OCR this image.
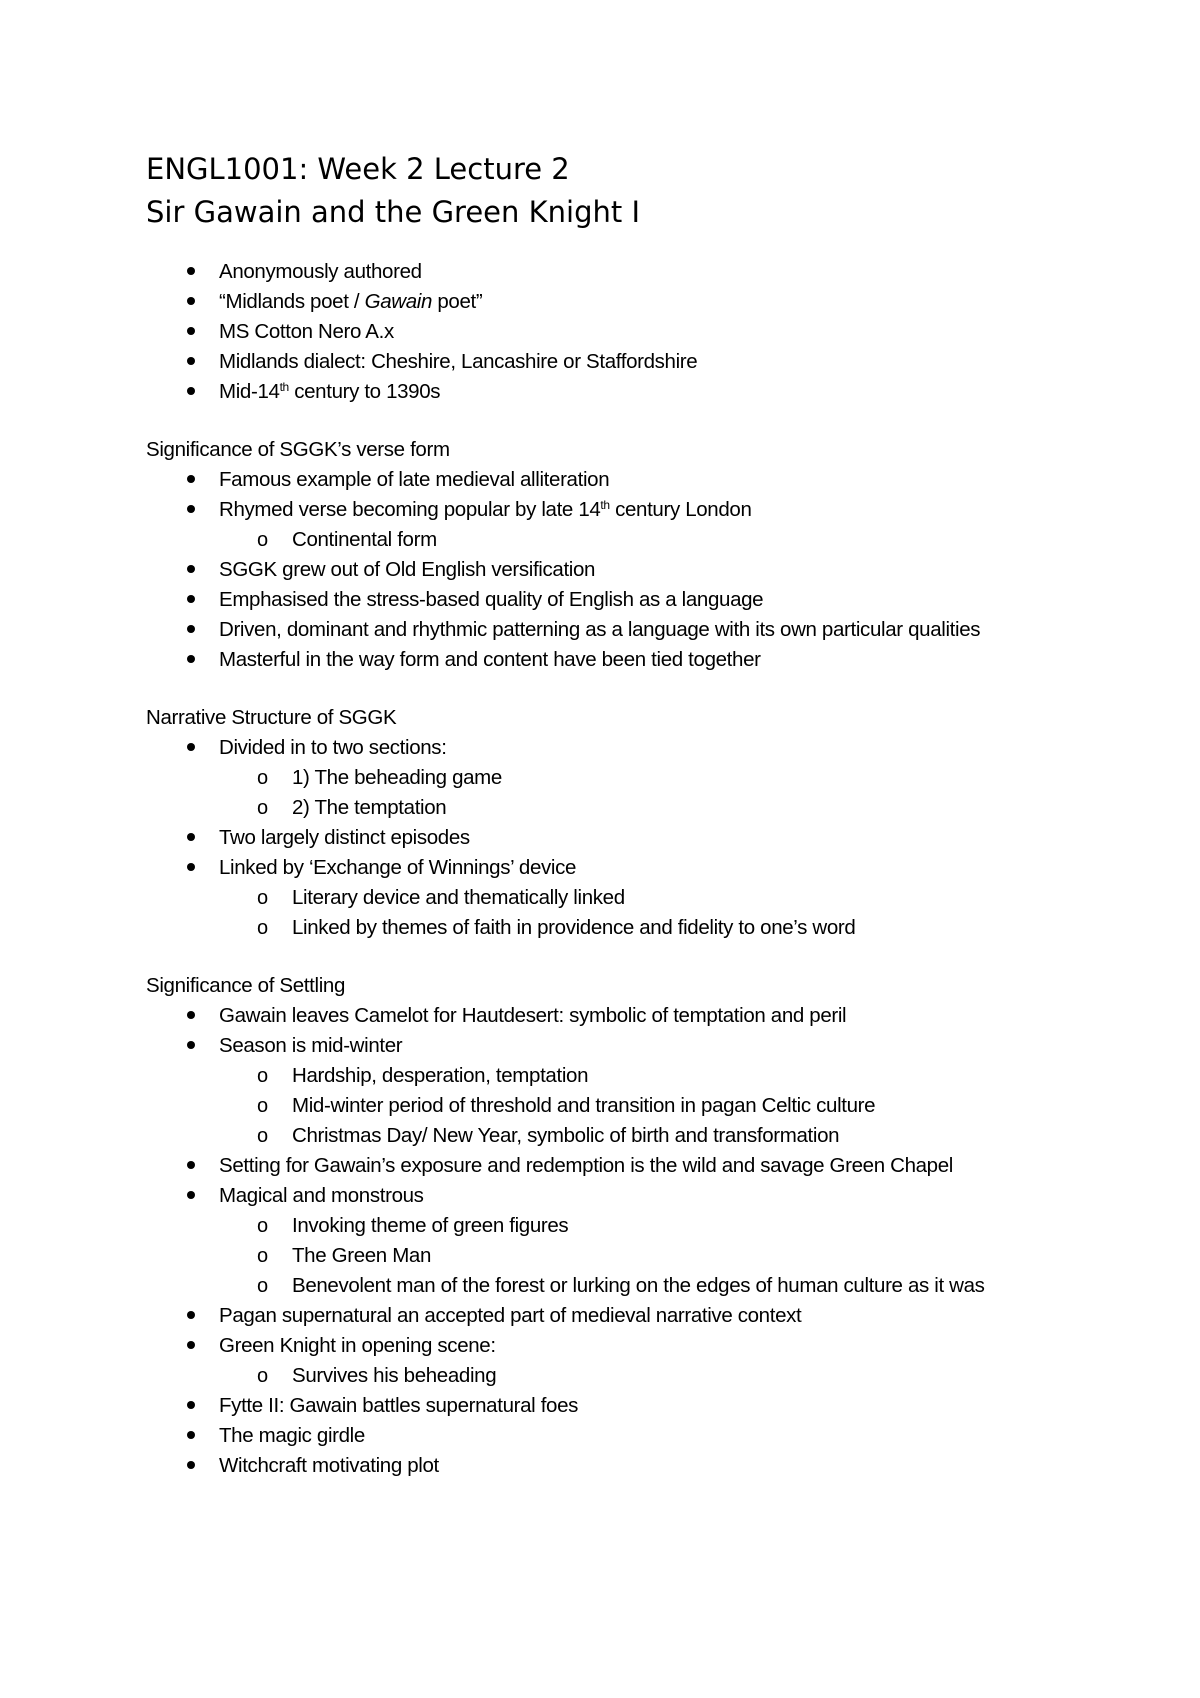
ENGL1001: Week 2 Lecture 2
Sir Gawain and the Green Knight I
Anonymously authored
“Midlands poet / Gawain poet”
MS Cotton Nero A.x
Midlands dialect: Cheshire, Lancashire or Staffordshire
Mid-14th century to 1390s
Significance of SGGK’s verse form
Famous example of late medieval alliteration
Rhymed verse becoming popular by late 14th century London
o Continental form
SGGK grew out of Old English versification
Emphasised the stress-based quality of English as a language
Driven, dominant and rhythmic patterning as a language with its own particular qualities
Masterful in the way form and content have been tied together
Narrative Structure of SGGK
Divided in to two sections:
o 1) The beheading game
o 2) The temptation
Two largely distinct episodes
Linked by ‘Exchange of Winnings’ device
o Literary device and thematically linked
o Linked by themes of faith in providence and fidelity to one’s word
Significance of Settling
Gawain leaves Camelot for Hautdesert: symbolic of temptation and peril
Season is mid-winter
o Hardship, desperation, temptation
o Mid-winter period of threshold and transition in pagan Celtic culture
o Christmas Day/ New Year, symbolic of birth and transformation
Setting for Gawain’s exposure and redemption is the wild and savage Green Chapel
Magical and monstrous
o Invoking theme of green figures
o The Green Man
o Benevolent man of the forest or lurking on the edges of human culture as it was
Pagan supernatural an accepted part of medieval narrative context
Green Knight in opening scene:
o Survives his beheading
Fytte II: Gawain battles supernatural foes
The magic girdle
Witchcraft motivating plot
